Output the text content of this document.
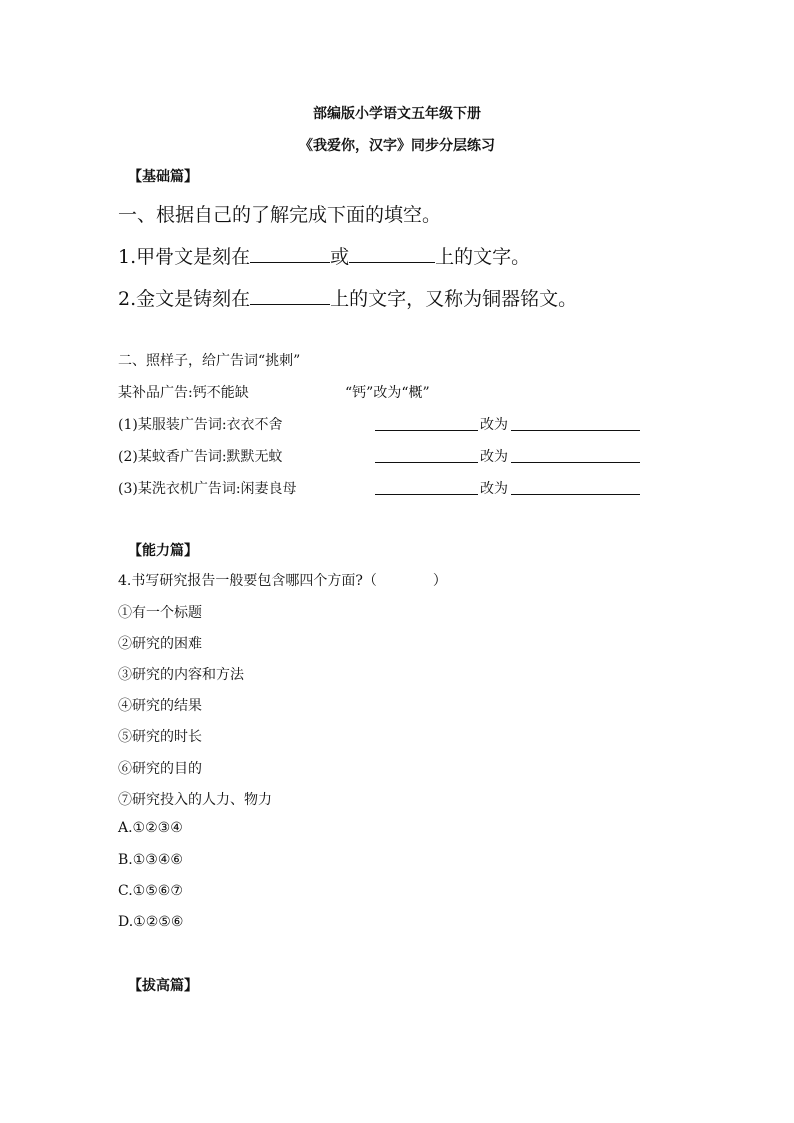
部编版小学语文五年级下册
《我爱你，汉字》同步分层练习
【基础篇】
一、根据自己的了解完成下面的填空。
1.甲骨文是刻在	或	上的文字。
2.金文是铸刻在	上的文字，又称为铜器铭文。
二、照样子，给广告词“挑刺”
某补品广告:钙不能缺	“钙”改为“概”
(1)某服装广告词:衣衣不舍	改为
(2)某蚊香广告词:默默无蚊	改为
(3)某洗衣机广告词:闲妻良母	改为
【能力篇】
4.书写研究报告一般要包含哪四个方面?（　　　　）
①有一个标题
②研究的困难
③研究的内容和方法
④研究的结果
⑤研究的时长
⑥研究的目的
⑦研究投入的人力、物力
A.①②③④
B.①③④⑥
C.①⑤⑥⑦
D.①②⑤⑥
【拔高篇】
